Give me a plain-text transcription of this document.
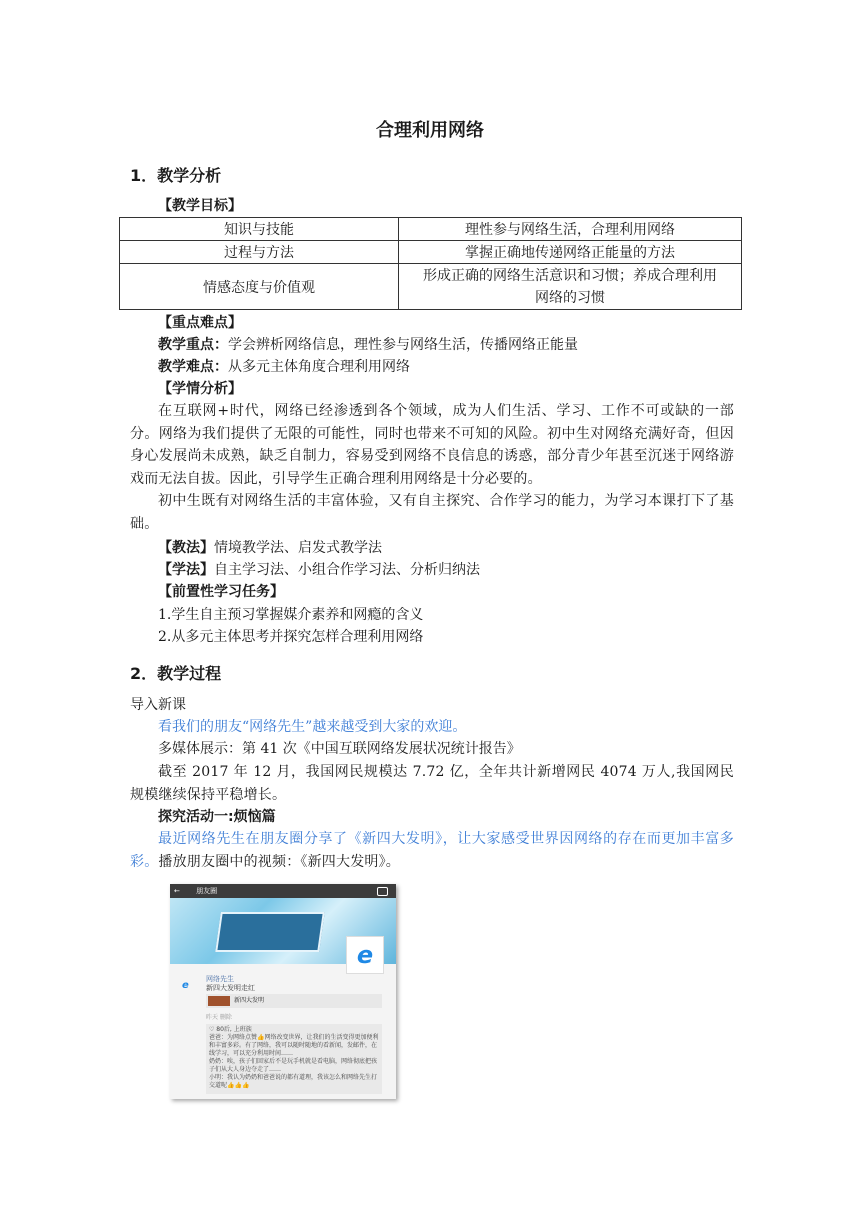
合理利用网络
1．教学分析
【教学目标】
知识与技能	理性参与网络生活，合理利用网络
过程与方法	掌握正确地传递网络正能量的方法
情感态度与价值观	形成正确的网络生活意识和习惯；养成合理利用
网络的习惯
【重点难点】
教学重点：学会辨析网络信息，理性参与网络生活，传播网络正能量
教学难点：从多元主体角度合理利用网络
【学情分析】
在互联网+时代，网络已经渗透到各个领域，成为人们生活、学习、工作不可或缺的一部分。网络为我们提供了无限的可能性，同时也带来不可知的风险。初中生对网络充满好奇，但因身心发展尚未成熟，缺乏自制力，容易受到网络不良信息的诱惑，部分青少年甚至沉迷于网络游戏而无法自拔。因此，引导学生正确合理利用网络是十分必要的。
初中生既有对网络生活的丰富体验，又有自主探究、合作学习的能力，为学习本课打下了基础。
【教法】情境教学法、启发式教学法
【学法】自主学习法、小组合作学习法、分析归纳法
【前置性学习任务】
1.学生自主预习掌握媒介素养和网瘾的含义
2.从多元主体思考并探究怎样合理利用网络
2．教学过程
导入新课
看我们的朋友“网络先生”越来越受到大家的欢迎。
多媒体展示：第 41 次《中国互联网络发展状况统计报告》
截至 2017 年 12 月，我国网民规模达 7.72 亿，全年共计新增网民 4074 万人,我国网民规模继续保持平稳增长。
探究活动一:烦恼篇
最近网络先生在朋友圈分享了《新四大发明》，让大家感受世界因网络的存在而更加丰富多彩。播放朋友圈中的视频：《新四大发明》。
← 朋友圈
e
e
网络先生
新四大发明走红
新四大发明
昨天 删除
♡ 80后, 上班族
爸爸：为网络点赞👍网络改变世界，让我们的生活变得更加便利和丰富多彩。有了网络，我可以随时随地的看新闻，发邮件，在线学习，可以充分利用时间……
奶奶：唉，孩子们回家后不是玩手机就是看电脑，网络彻底把孩子们从大人身边夺走了……
小明：我认为奶奶和爸爸说的都有道理，我该怎么和网络先生打交道呢👍👍👍
